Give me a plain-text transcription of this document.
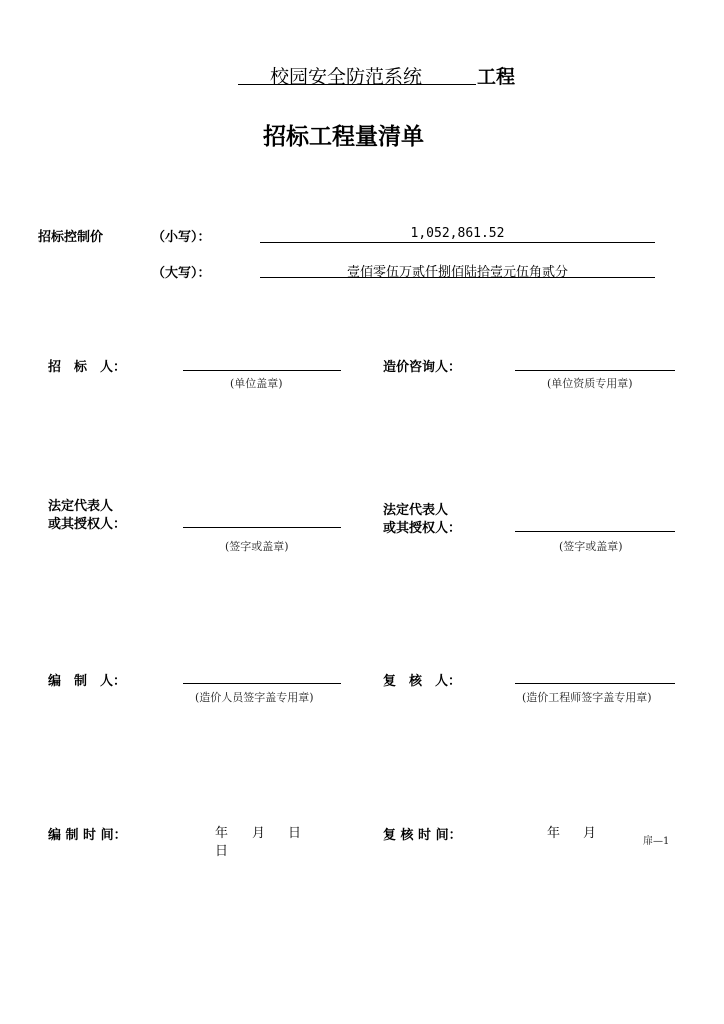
校园安全防范系统	工程
招标工程量清单
招标控制价	（小写）：	1,052,861.52
（大写）：	壹佰零伍万贰仟捌佰陆拾壹元伍角贰分
招　标　人：
(单位盖章)
造价咨询人：
(单位资质专用章)
法定代表人
或其授权人：
(签字或盖章)
法定代表人
或其授权人：
(签字或盖章)
编　制　人：
(造价人员签字盖专用章)
复　核　人：
(造价工程师签字盖专用章)
编 制 时 间：	年 月 日
日
复 核 时 间：	年 月
扉—1
